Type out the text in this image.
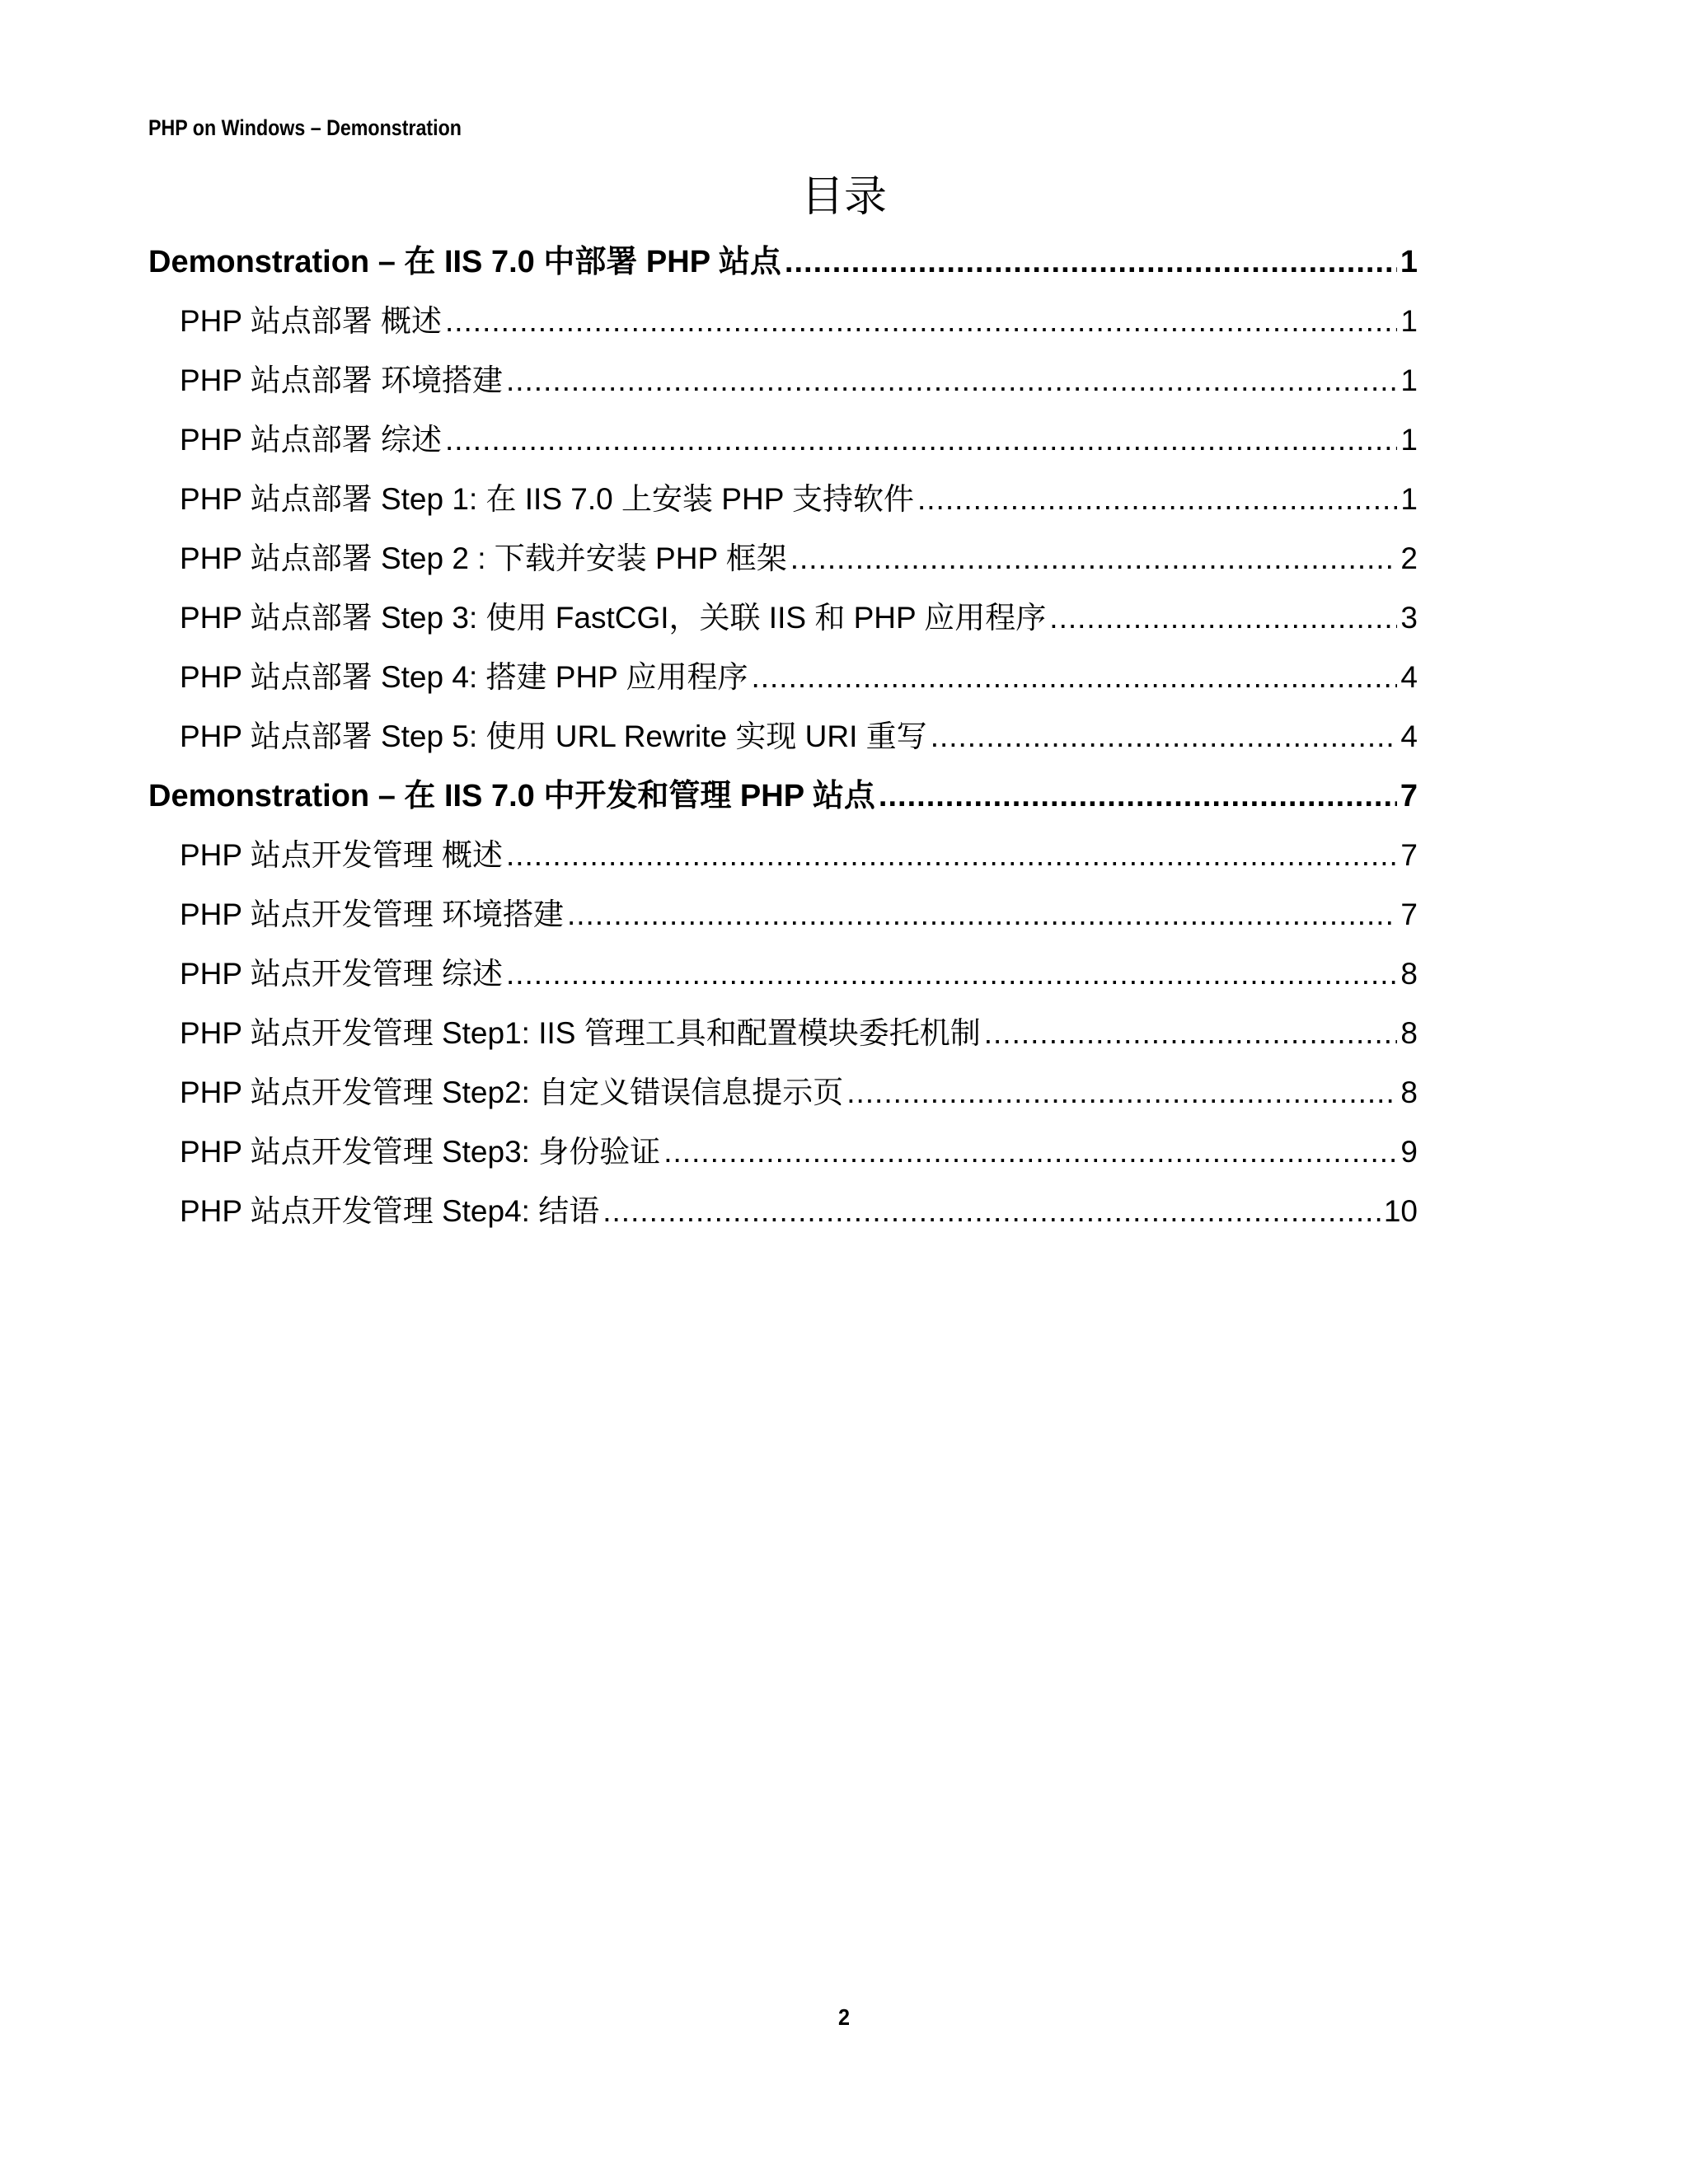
PHP on Windows – Demonstration
目录
Demonstration – 在 IIS 7.0 中部署 PHP 站点 .....	1
PHP 站点部署 概述 .....	1
PHP 站点部署 环境搭建 .....	1
PHP 站点部署 综述 .....	1
PHP 站点部署 Step 1: 在 IIS 7.0 上安装 PHP 支持软件 .....	1
PHP 站点部署 Step 2 : 下载并安装 PHP 框架 .....	2
PHP 站点部署 Step 3: 使用 FastCGI，关联 IIS 和 PHP 应用程序 .....	3
PHP 站点部署 Step 4: 搭建 PHP 应用程序 .....	4
PHP 站点部署 Step 5: 使用 URL Rewrite 实现 URI 重写 .....	4
Demonstration – 在 IIS 7.0 中开发和管理 PHP 站点 .....	7
PHP 站点开发管理 概述 .....	7
PHP 站点开发管理 环境搭建 .....	7
PHP 站点开发管理 综述 .....	8
PHP 站点开发管理 Step1: IIS 管理工具和配置模块委托机制 .....	8
PHP 站点开发管理 Step2: 自定义错误信息提示页 .....	8
PHP 站点开发管理 Step3: 身份验证 .....	9
PHP 站点开发管理 Step4: 结语 .....	10
2
